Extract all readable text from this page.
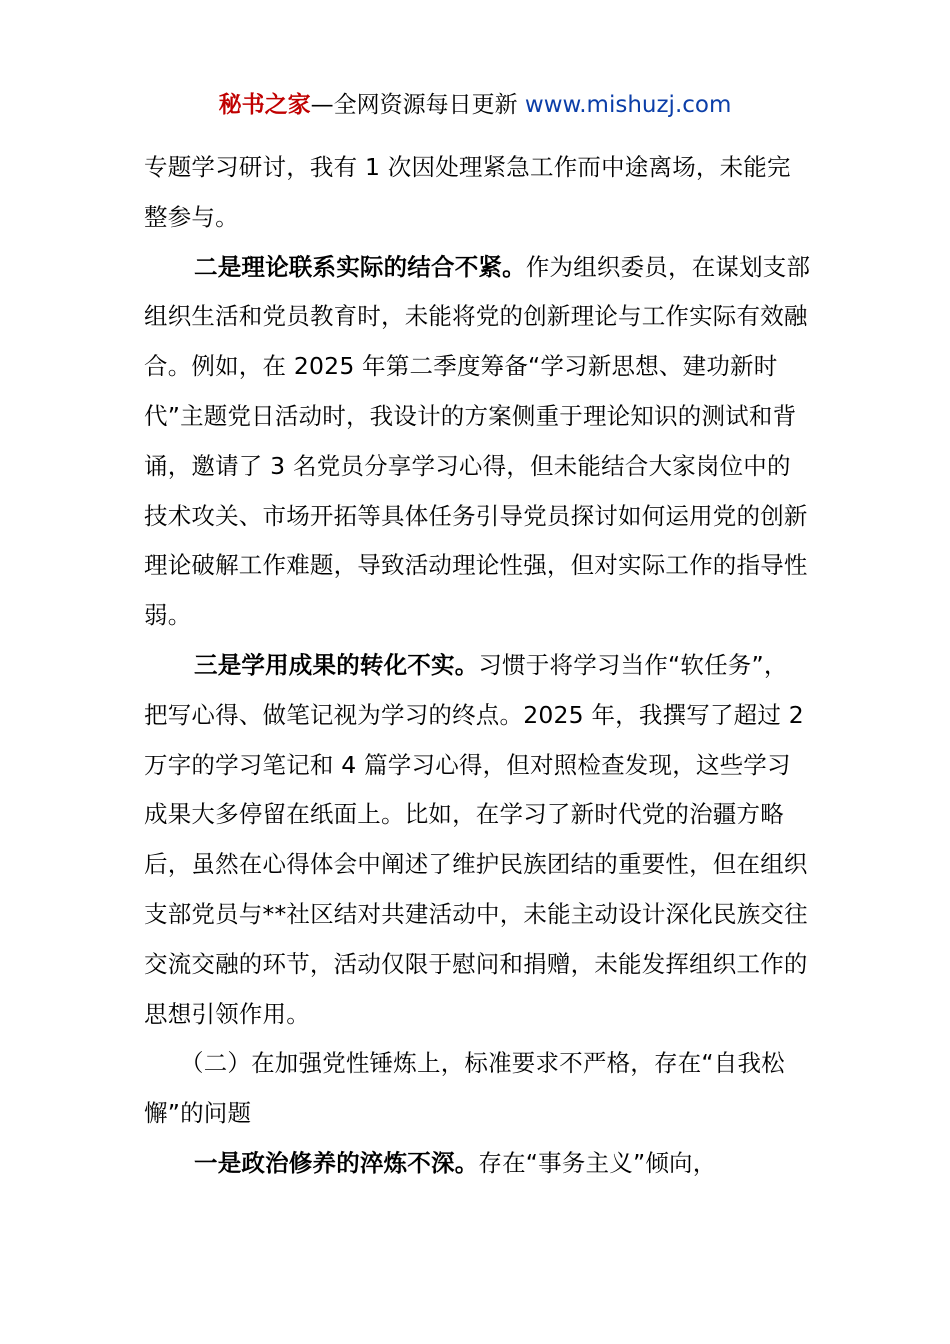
秘书之家—全网资源每日更新 www.mishuzj.com

专题学习研讨，我有 1 次因处理紧急工作而中途离场，未能完整参与。

二是理论联系实际的结合不紧。作为组织委员，在谋划支部组织生活和党员教育时，未能将党的创新理论与工作实际有效融合。例如，在 2025 年第二季度筹备“学习新思想、建功新时代”主题党日活动时，我设计的方案侧重于理论知识的测试和背诵，邀请了 3 名党员分享学习心得，但未能结合大家岗位中的技术攻关、市场开拓等具体任务引导党员探讨如何运用党的创新理论破解工作难题，导致活动理论性强，但对实际工作的指导性弱。

三是学用成果的转化不实。习惯于将学习当作“软任务”，把写心得、做笔记视为学习的终点。2025 年，我撰写了超过 2 万字的学习笔记和 4 篇学习心得，但对照检查发现，这些学习成果大多停留在纸面上。比如，在学习了新时代党的治疆方略后，虽然在心得体会中阐述了维护民族团结的重要性，但在组织支部党员与**社区结对共建活动中，未能主动设计深化民族交往交流交融的环节，活动仅限于慰问和捐赠，未能发挥组织工作的思想引领作用。

（二）在加强党性锤炼上，标准要求不严格，存在“自我松懈”的问题

一是政治修养的淬炼不深。存在“事务主义”倾向，
